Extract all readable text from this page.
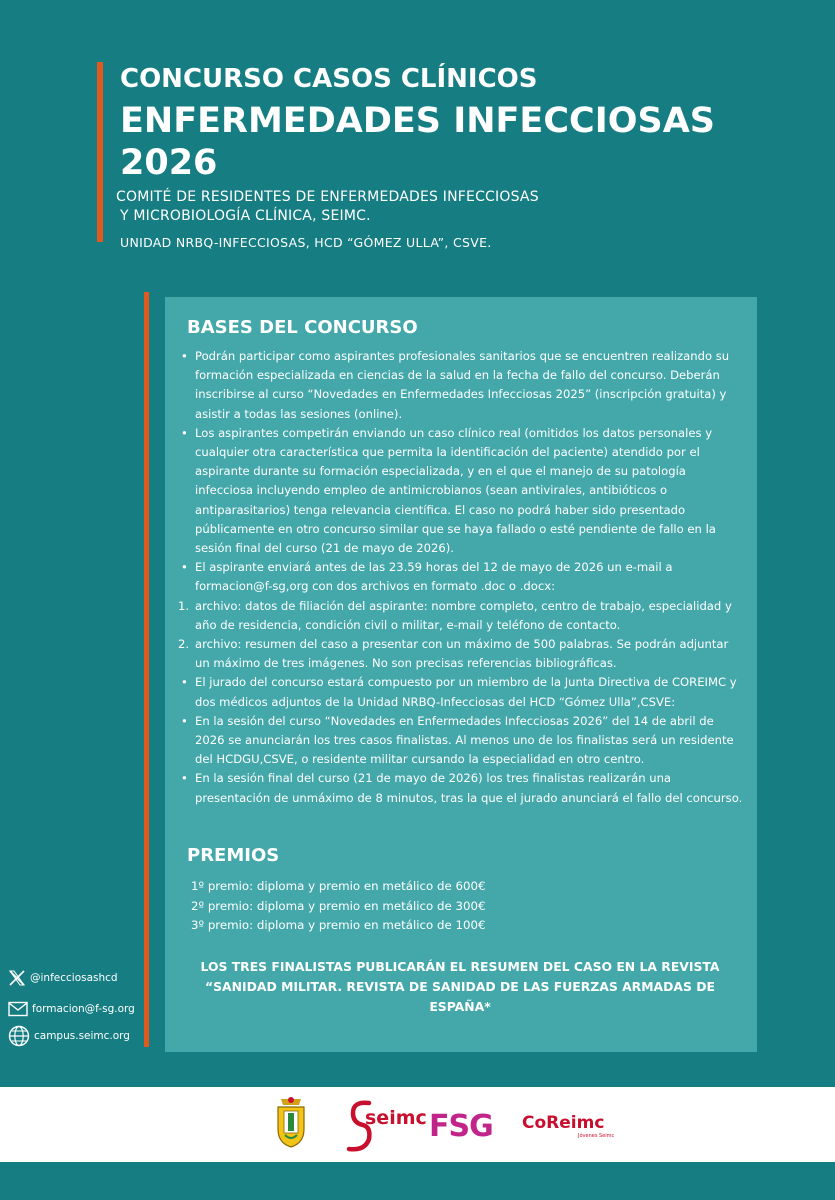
CONCURSO CASOS CLÍNICOS
ENFERMEDADES INFECCIOSAS 2026
COMITÉ DE RESIDENTES DE ENFERMEDADES INFECCIOSAS
Y MICROBIOLOGÍA CLÍNICA, SEIMC.
UNIDAD NRBQ-INFECCIOSAS, HCD “GÓMEZ ULLA”, CSVE.
BASES DEL CONCURSO
• Podrán participar como aspirantes profesionales sanitarios que se encuentren realizando su formación especializada en ciencias de la salud en la fecha de fallo del concurso. Deberán inscribirse al curso “Novedades en Enfermedades Infecciosas 2025” (inscripción gratuita) y asistir a todas las sesiones (online).
• Los aspirantes competirán enviando un caso clínico real (omitidos los datos personales y cualquier otra característica que permita la identificación del paciente) atendido por el aspirante durante su formación especializada, y en el que el manejo de su patología infecciosa incluyendo empleo de antimicrobianos (sean antivirales, antibióticos o antiparasitarios) tenga relevancia científica. El caso no podrá haber sido presentado públicamente en otro concurso similar que se haya fallado o esté pendiente de fallo en la sesión final del curso (21 de mayo de 2026).
• El aspirante enviará antes de las 23.59 horas del 12 de mayo de 2026 un e-mail a formacion@f-sg,org con dos archivos en formato .doc o .docx:
1. archivo: datos de filiación del aspirante: nombre completo, centro de trabajo, especialidad y año de residencia, condición civil o militar, e-mail y teléfono de contacto.
2. archivo: resumen del caso a presentar con un máximo de 500 palabras. Se podrán adjuntar un máximo de tres imágenes. No son precisas referencias bibliográficas.
• El jurado del concurso estará compuesto por un miembro de la Junta Directiva de COREIMC y dos médicos adjuntos de la Unidad NRBQ-Infecciosas del HCD “Gómez Ulla”,CSVE:
• En la sesión del curso “Novedades en Enfermedades Infecciosas 2026” del 14 de abril de 2026 se anunciarán los tres casos finalistas. Al menos uno de los finalistas será un residente del HCDGU,CSVE, o residente militar cursando la especialidad en otro centro.
• En la sesión final del curso (21 de mayo de 2026) los tres finalistas realizarán una presentación de unmáximo de 8 minutos, tras la que el jurado anunciará el fallo del concurso.
PREMIOS
1º premio: diploma y premio en metálico de 600€
2º premio: diploma y premio en metálico de 300€
3º premio: diploma y premio en metálico de 100€

LOS TRES FINALISTAS PUBLICARÁN EL RESUMEN DEL CASO EN LA REVISTA “SANIDAD MILITAR. REVISTA DE SANIDAD DE LAS FUERZAS ARMADAS DE ESPAÑA*

@infecciosashcd
formacion@f-sg.org
campus.seimc.org
seimc FSG CoReimc
Jóvenes Seimc
